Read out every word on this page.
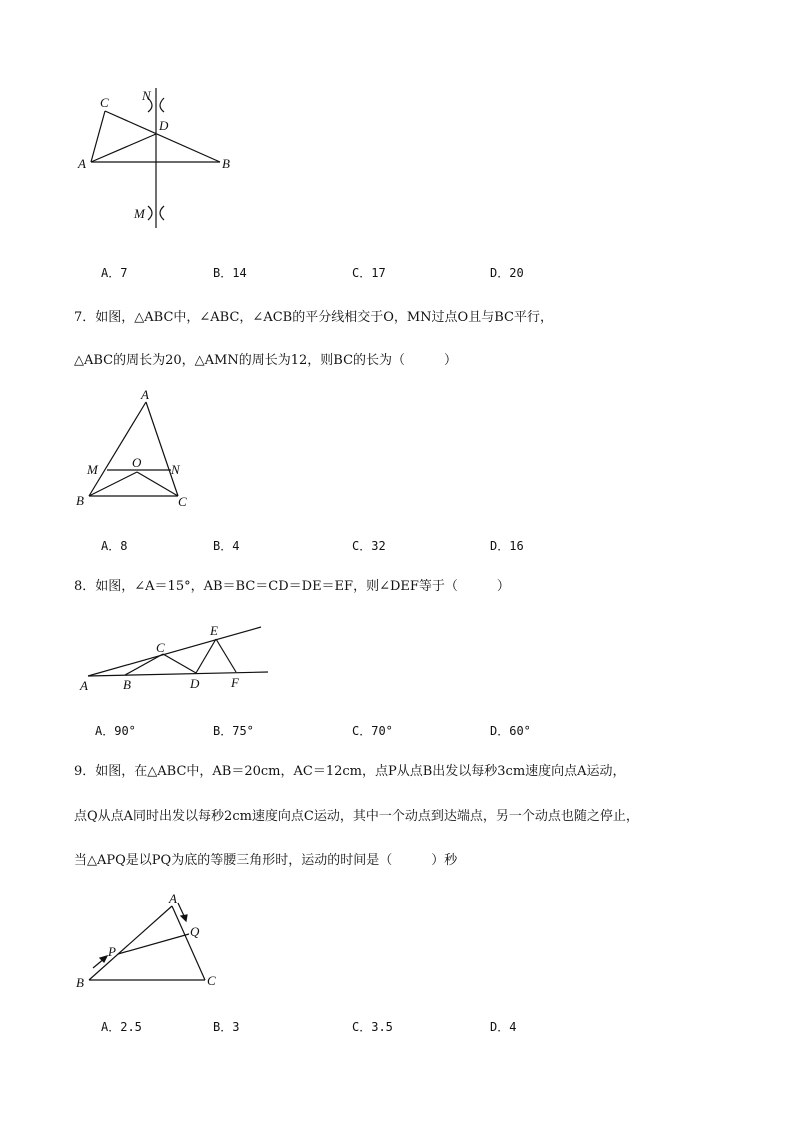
C	N
D
A	B
M
A．7	B．14	C．17	D．20
7．如图，△ABC中，∠ABC，∠ACB的平分线相交于O，MN过点O且与BC平行，
△ABC的周长为20，△AMN的周长为12，则BC的长为（　　　）
A
M	O N
B	C
A．8	B．4	C．32	D．16
8．如图，∠A＝15°，AB＝BC＝CD＝DE＝EF，则∠DEF等于（　　　）
E
C
A	B	D F
A．90°	B．75°	C．70°	D．60°
9．如图，在△ABC中，AB＝20cm，AC＝12cm，点P从点B出发以每秒3cm速度向点A运动，
点Q从点A同时出发以每秒2cm速度向点C运动，其中一个动点到达端点，另一个动点也随之停止，
当△APQ是以PQ为底的等腰三角形时，运动的时间是（　　　）秒
A
Q
P
B	C
A．2.5	B．3	C．3.5	D．4
